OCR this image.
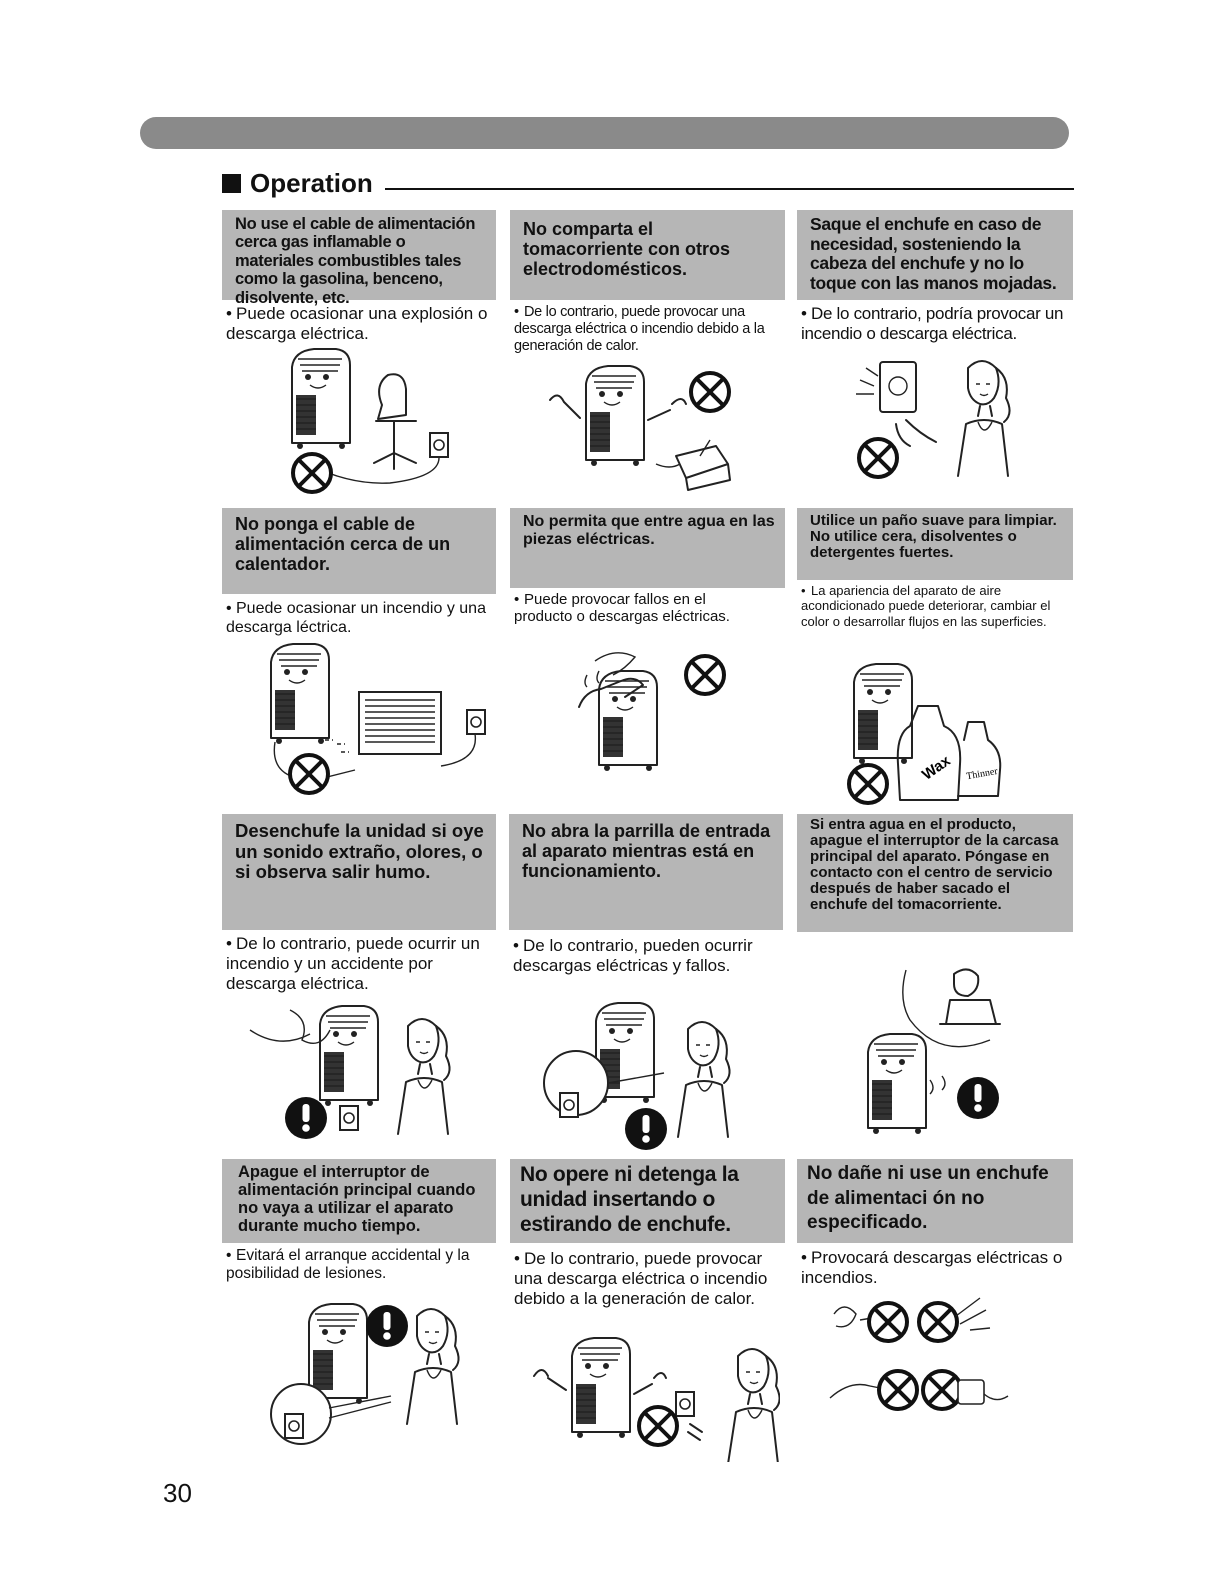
Operation
No use el cable de alimentación cerca gas inflamable o materiales combustibles tales como la gasolina, benceno, disolvente, etc.
• Puede ocasionar una explosión o descarga eléctrica.
No comparta el tomacorriente con otros electrodomésticos.
• De lo contrario, puede provocar una descarga eléctrica o incendio debido a la generación de calor.
Saque el enchufe en caso de necesidad, sosteniendo la cabeza del enchufe y no lo toque con las manos mojadas.
• De lo contrario, podría provocar un incendio o descarga eléctrica.
No ponga el cable de alimentación cerca de un calentador.
• Puede ocasionar un incendio y una descarga léctrica.
No permita que entre agua en las piezas eléctricas.
• Puede provocar fallos en el producto o descargas eléctricas.
Utilice un paño suave para limpiar. No utilice cera, disolventes o detergentes fuertes.
• La apariencia del aparato de aire acondicionado puede deteriorar, cambiar el color o desarrollar flujos en las superficies.
Wax Thinner
Desenchufe la unidad si oye un sonido extraño, olores, o si observa salir humo.
• De lo contrario, puede ocurrir un incendio y un accidente por descarga eléctrica.
No abra la parrilla de entrada al aparato mientras está en funcionamiento.
• De lo contrario, pueden ocurrir descargas eléctricas y fallos.
Si entra agua en el producto, apague el interruptor de la carcasa principal del aparato. Póngase en contacto con el centro de servicio después de haber sacado el enchufe del tomacorriente.
Apague el interruptor de alimentación principal cuando no vaya a utilizar el aparato durante mucho tiempo.
• Evitará el arranque accidental y la posibilidad de lesiones.
No opere ni detenga la unidad insertando o estirando de enchufe.
• De lo contrario, puede provocar una descarga eléctrica o incendio debido a la generación de calor.
No dañe ni use un enchufe de alimentaci ón no especificado.
• Provocará descargas eléctricas o incendios.
30
